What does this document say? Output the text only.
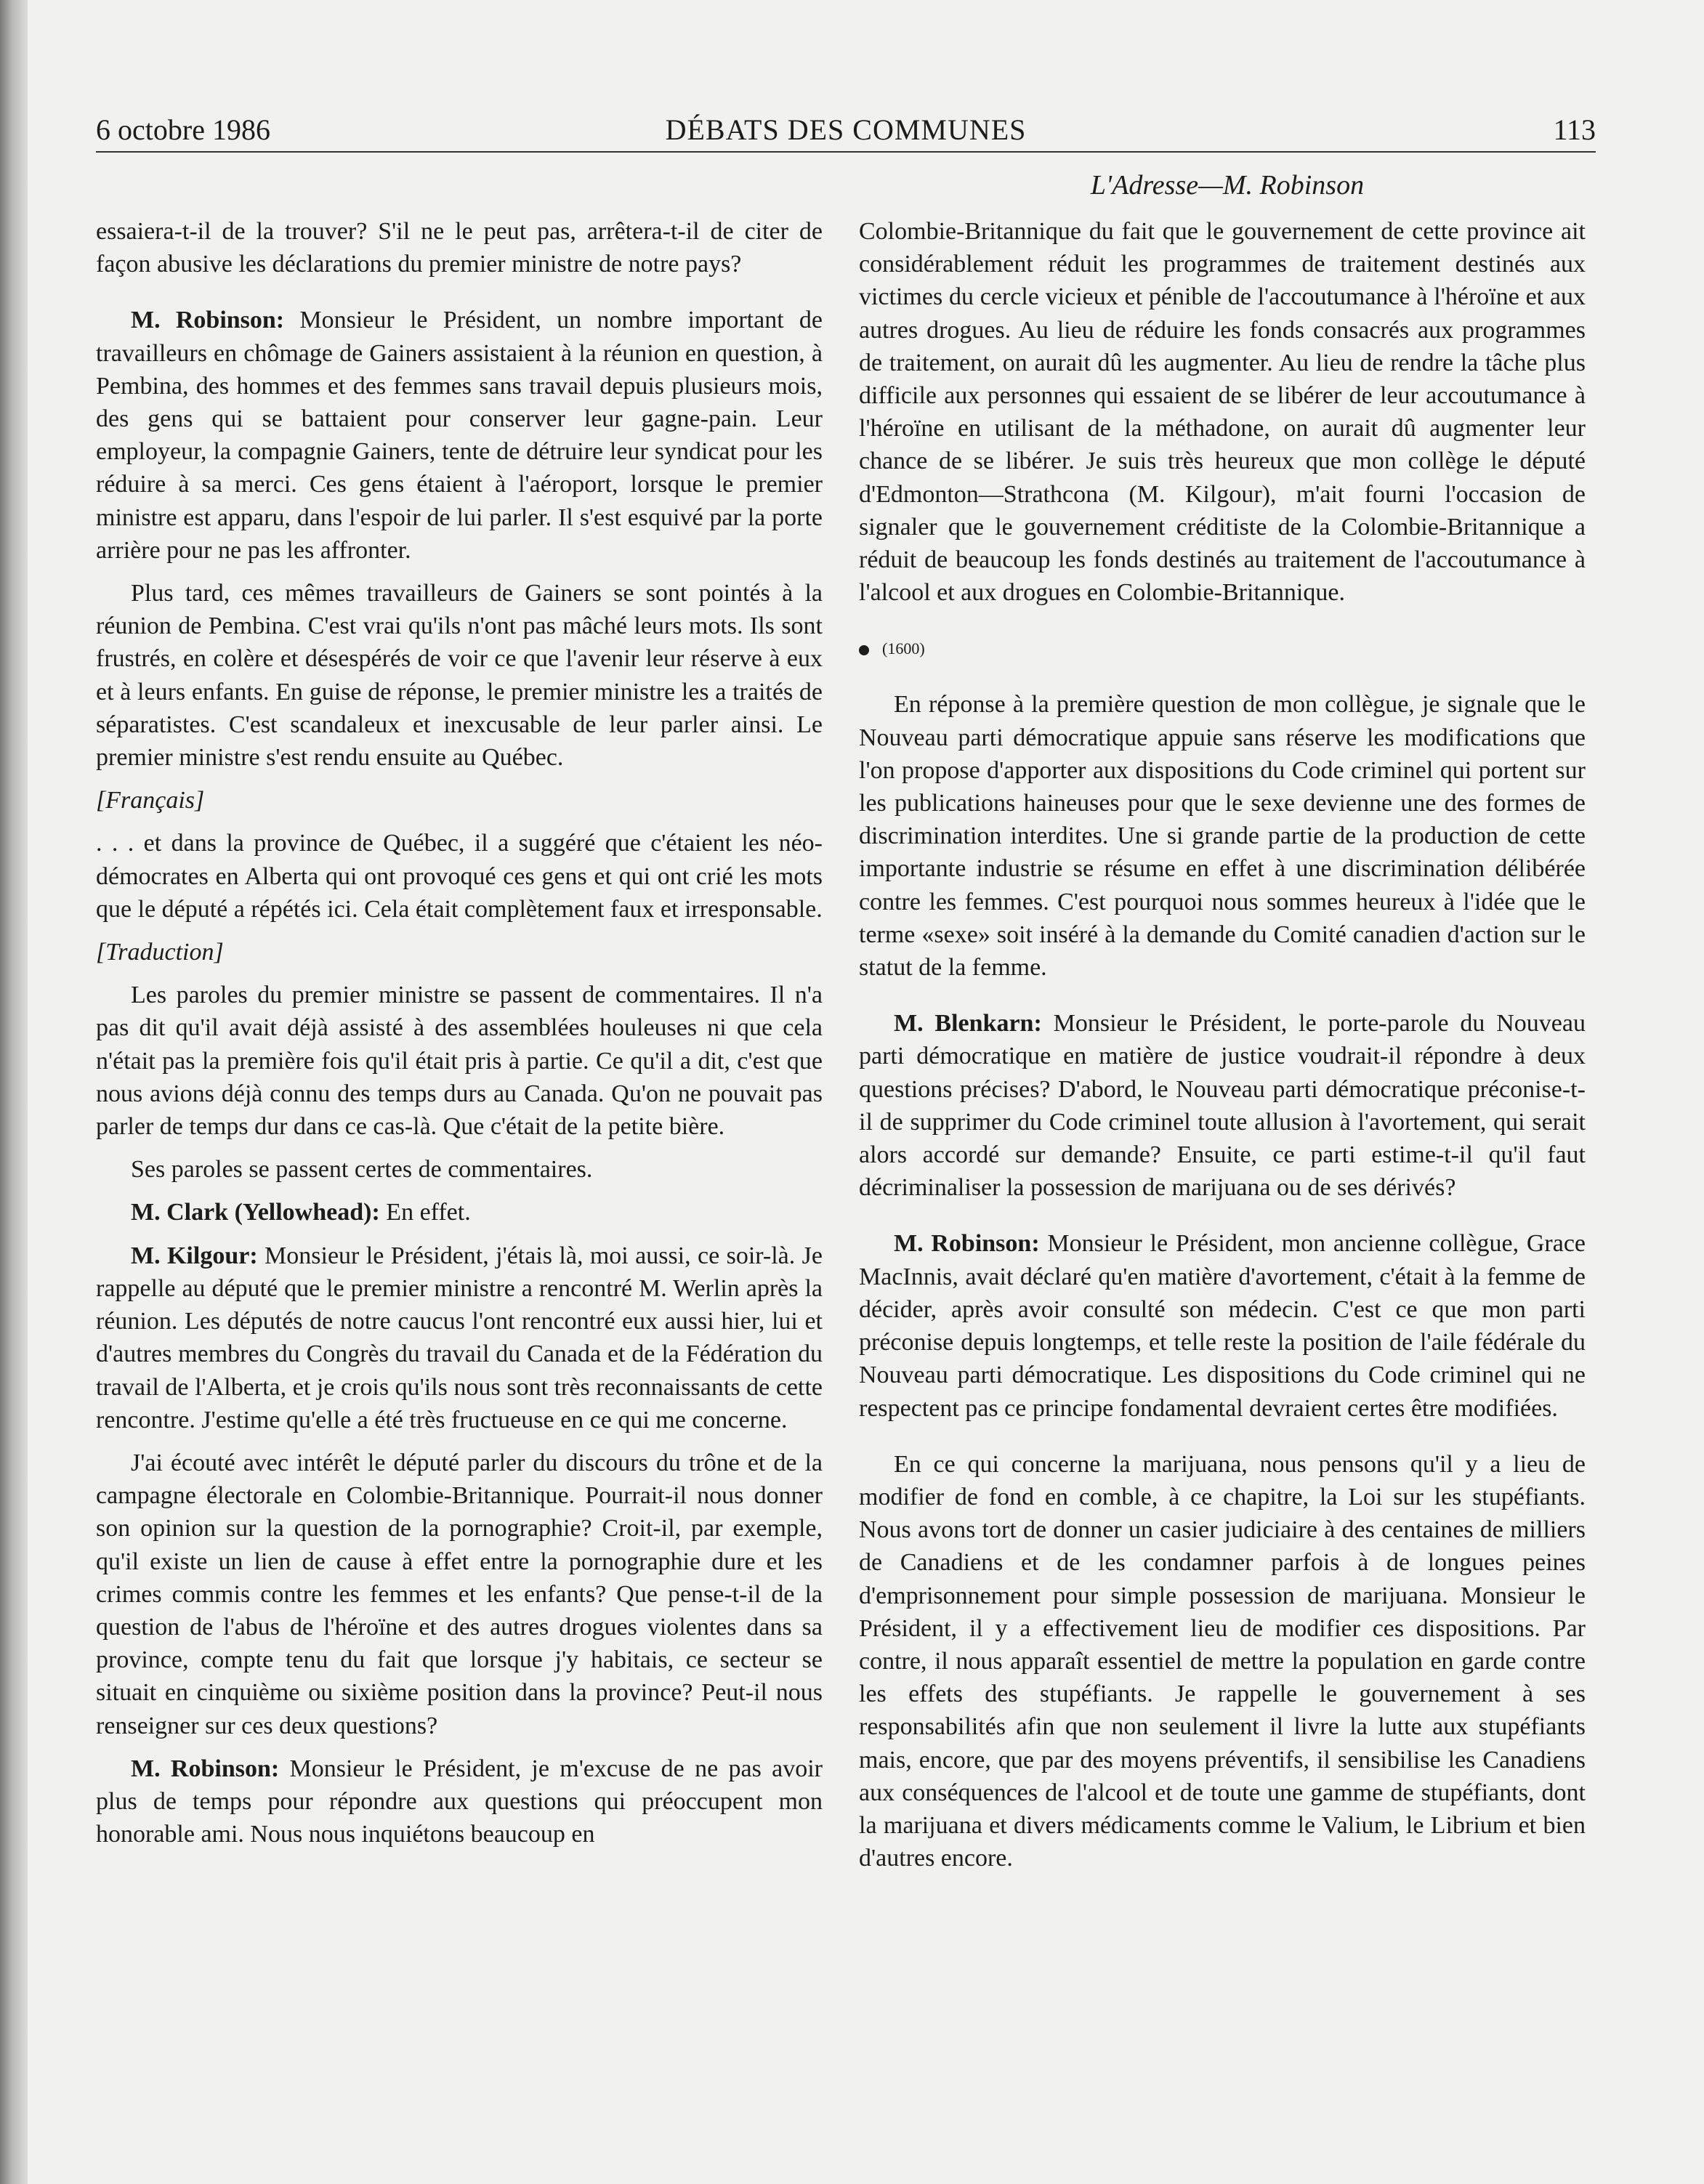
6 octobre 1986	DÉBATS DES COMMUNES	113
L'Adresse—M. Robinson

essaiera-t-il de la trouver? S'il ne le peut pas, arrêtera-t-il de citer de façon abusive les déclarations du premier ministre de notre pays?

M. Robinson: Monsieur le Président, un nombre important de travailleurs en chômage de Gainers assistaient à la réunion en question, à Pembina, des hommes et des femmes sans travail depuis plusieurs mois, des gens qui se battaient pour conserver leur gagne-pain. Leur employeur, la compagnie Gainers, tente de détruire leur syndicat pour les réduire à sa merci. Ces gens étaient à l'aéroport, lorsque le premier ministre est apparu, dans l'espoir de lui parler. Il s'est esquivé par la porte arrière pour ne pas les affronter.

Plus tard, ces mêmes travailleurs de Gainers se sont pointés à la réunion de Pembina. C'est vrai qu'ils n'ont pas mâché leurs mots. Ils sont frustrés, en colère et désespérés de voir ce que l'avenir leur réserve à eux et à leurs enfants. En guise de réponse, le premier ministre les a traités de séparatistes. C'est scandaleux et inexcusable de leur parler ainsi. Le premier ministre s'est rendu ensuite au Québec.

[Français]

. . . et dans la province de Québec, il a suggéré que c'étaient les néo-démocrates en Alberta qui ont provoqué ces gens et qui ont crié les mots que le député a répétés ici. Cela était complètement faux et irresponsable.

[Traduction]

Les paroles du premier ministre se passent de commentaires. Il n'a pas dit qu'il avait déjà assisté à des assemblées houleuses ni que cela n'était pas la première fois qu'il était pris à partie. Ce qu'il a dit, c'est que nous avions déjà connu des temps durs au Canada. Qu'on ne pouvait pas parler de temps dur dans ce cas-là. Que c'était de la petite bière.

Ses paroles se passent certes de commentaires.

M. Clark (Yellowhead): En effet.

M. Kilgour: Monsieur le Président, j'étais là, moi aussi, ce soir-là. Je rappelle au député que le premier ministre a rencontré M. Werlin après la réunion. Les députés de notre caucus l'ont rencontré eux aussi hier, lui et d'autres membres du Congrès du travail du Canada et de la Fédération du travail de l'Alberta, et je crois qu'ils nous sont très reconnaissants de cette rencontre. J'estime qu'elle a été très fructueuse en ce qui me concerne.

J'ai écouté avec intérêt le député parler du discours du trône et de la campagne électorale en Colombie-Britannique. Pourrait-il nous donner son opinion sur la question de la pornographie? Croit-il, par exemple, qu'il existe un lien de cause à effet entre la pornographie dure et les crimes commis contre les femmes et les enfants? Que pense-t-il de la question de l'abus de l'héroïne et des autres drogues violentes dans sa province, compte tenu du fait que lorsque j'y habitais, ce secteur se situait en cinquième ou sixième position dans la province? Peut-il nous renseigner sur ces deux questions?

M. Robinson: Monsieur le Président, je m'excuse de ne pas avoir plus de temps pour répondre aux questions qui préoccupent mon honorable ami. Nous nous inquiétons beaucoup en

Colombie-Britannique du fait que le gouvernement de cette province ait considérablement réduit les programmes de traitement destinés aux victimes du cercle vicieux et pénible de l'accoutumance à l'héroïne et aux autres drogues. Au lieu de réduire les fonds consacrés aux programmes de traitement, on aurait dû les augmenter. Au lieu de rendre la tâche plus difficile aux personnes qui essaient de se libérer de leur accoutumance à l'héroïne en utilisant de la méthadone, on aurait dû augmenter leur chance de se libérer. Je suis très heureux que mon collège le député d'Edmonton—Strathcona (M. Kilgour), m'ait fourni l'occasion de signaler que le gouvernement créditiste de la Colombie-Britannique a réduit de beaucoup les fonds destinés au traitement de l'accoutumance à l'alcool et aux drogues en Colombie-Britannique.

(1600)

En réponse à la première question de mon collègue, je signale que le Nouveau parti démocratique appuie sans réserve les modifications que l'on propose d'apporter aux dispositions du Code criminel qui portent sur les publications haineuses pour que le sexe devienne une des formes de discrimination interdites. Une si grande partie de la production de cette importante industrie se résume en effet à une discrimination délibérée contre les femmes. C'est pourquoi nous sommes heureux à l'idée que le terme «sexe» soit inséré à la demande du Comité canadien d'action sur le statut de la femme.

M. Blenkarn: Monsieur le Président, le porte-parole du Nouveau parti démocratique en matière de justice voudrait-il répondre à deux questions précises? D'abord, le Nouveau parti démocratique préconise-t-il de supprimer du Code criminel toute allusion à l'avortement, qui serait alors accordé sur demande? Ensuite, ce parti estime-t-il qu'il faut décriminaliser la possession de marijuana ou de ses dérivés?

M. Robinson: Monsieur le Président, mon ancienne collègue, Grace MacInnis, avait déclaré qu'en matière d'avortement, c'était à la femme de décider, après avoir consulté son médecin. C'est ce que mon parti préconise depuis longtemps, et telle reste la position de l'aile fédérale du Nouveau parti démocratique. Les dispositions du Code criminel qui ne respectent pas ce principe fondamental devraient certes être modifiées.

En ce qui concerne la marijuana, nous pensons qu'il y a lieu de modifier de fond en comble, à ce chapitre, la Loi sur les stupéfiants. Nous avons tort de donner un casier judiciaire à des centaines de milliers de Canadiens et de les condamner parfois à de longues peines d'emprisonnement pour simple possession de marijuana. Monsieur le Président, il y a effectivement lieu de modifier ces dispositions. Par contre, il nous apparaît essentiel de mettre la population en garde contre les effets des stupéfiants. Je rappelle le gouvernement à ses responsabilités afin que non seulement il livre la lutte aux stupéfiants mais, encore, que par des moyens préventifs, il sensibilise les Canadiens aux conséquences de l'alcool et de toute une gamme de stupéfiants, dont la marijuana et divers médicaments comme le Valium, le Librium et bien d'autres encore.
